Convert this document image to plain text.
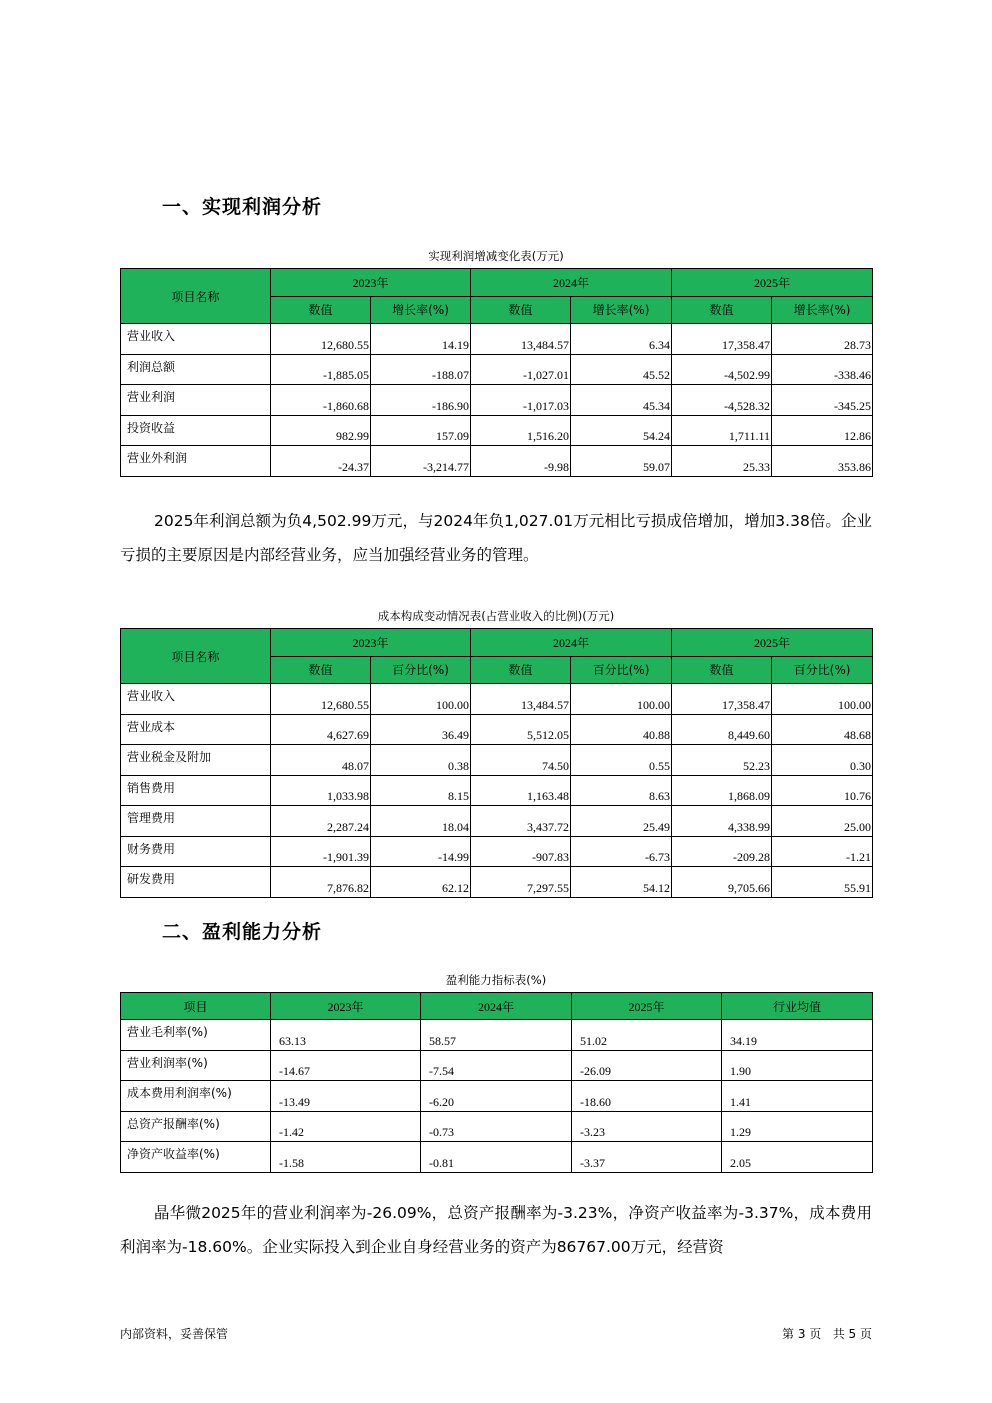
一、实现利润分析
实现利润增减变化表(万元)
项目名称	2023年		2024年		2025年	
	数值	增长率(%)	数值	增长率(%)	数值	增长率(%)
营业收入	12,680.55	14.19	13,484.57	6.34	17,358.47	28.73
利润总额	-1,885.05	-188.07	-1,027.01	45.52	-4,502.99	-338.46
营业利润	-1,860.68	-186.90	-1,017.03	45.34	-4,528.32	-345.25
投资收益	982.99	157.09	1,516.20	54.24	1,711.11	12.86
营业外利润	-24.37	-3,214.77	-9.98	59.07	25.33	353.86
2025年利润总额为负4,502.99万元，与2024年负1,027.01万元相比亏损成倍增加，增加3.38倍。企业亏损的主要原因是内部经营业务，应当加强经营业务的管理。
成本构成变动情况表(占营业收入的比例)(万元)
项目名称	2023年		2024年		2025年	
	数值	百分比(%)	数值	百分比(%)	数值	百分比(%)
营业收入	12,680.55	100.00	13,484.57	100.00	17,358.47	100.00
营业成本	4,627.69	36.49	5,512.05	40.88	8,449.60	48.68
营业税金及附加	48.07	0.38	74.50	0.55	52.23	0.30
销售费用	1,033.98	8.15	1,163.48	8.63	1,868.09	10.76
管理费用	2,287.24	18.04	3,437.72	25.49	4,338.99	25.00
财务费用	-1,901.39	-14.99	-907.83	-6.73	-209.28	-1.21
研发费用	7,876.82	62.12	7,297.55	54.12	9,705.66	55.91
二、盈利能力分析
盈利能力指标表(%)
项目	2023年	2024年	2025年	行业均值
营业毛利率(%)	63.13	58.57	51.02	34.19
营业利润率(%)	-14.67	-7.54	-26.09	1.90
成本费用利润率(%)	-13.49	-6.20	-18.60	1.41
总资产报酬率(%)	-1.42	-0.73	-3.23	1.29
净资产收益率(%)	-1.58	-0.81	-3.37	2.05
晶华微2025年的营业利润率为-26.09%，总资产报酬率为-3.23%，净资产收益率为-3.37%，成本费用利润率为-18.60%。企业实际投入到企业自身经营业务的资产为86767.00万元，经营资
内部资料，妥善保管	第 3 页   共 5 页
